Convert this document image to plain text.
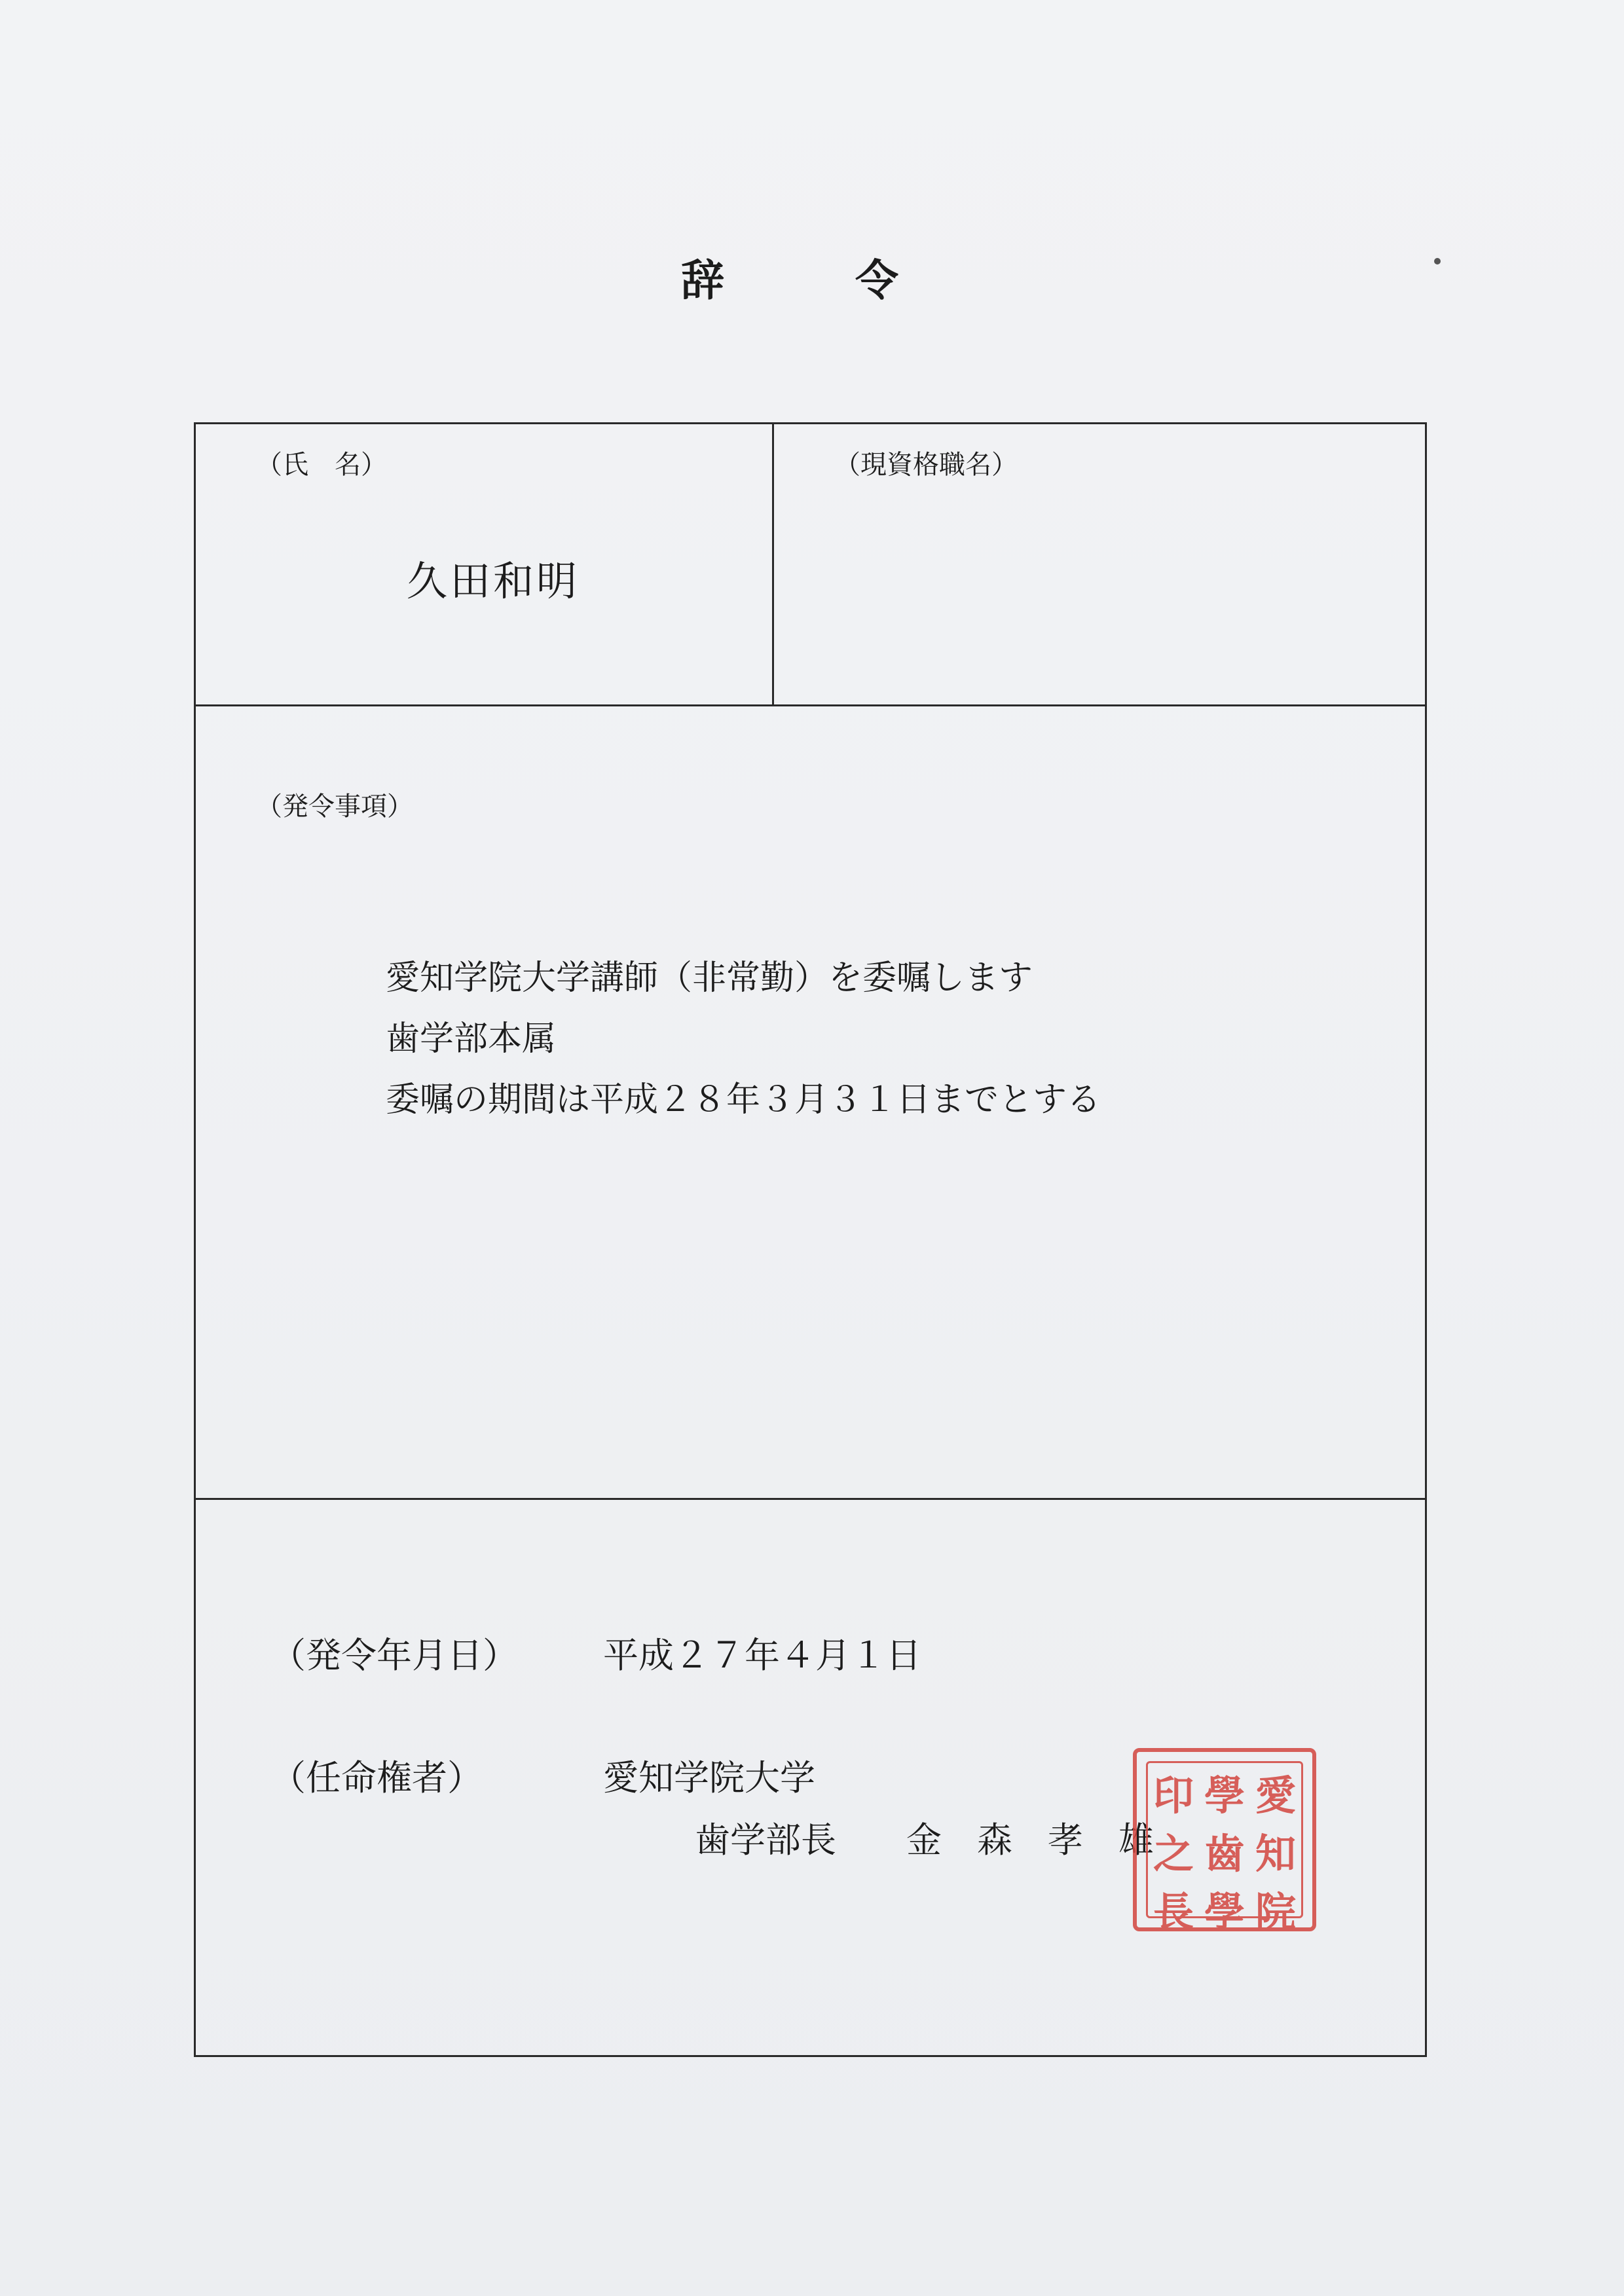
辞	令
（氏　名）
久田和明
（現資格職名）
（発令事項）
愛知学院大学講師（非常勤）を委嘱します
歯学部本属
委嘱の期間は平成２８年３月３１日までとする
（発令年月日） 平成２７年４月１日
（任命権者）	愛知学院大学
歯学部長 金　森　孝　雄
印 學 愛
之 齒 知
長 學 院
